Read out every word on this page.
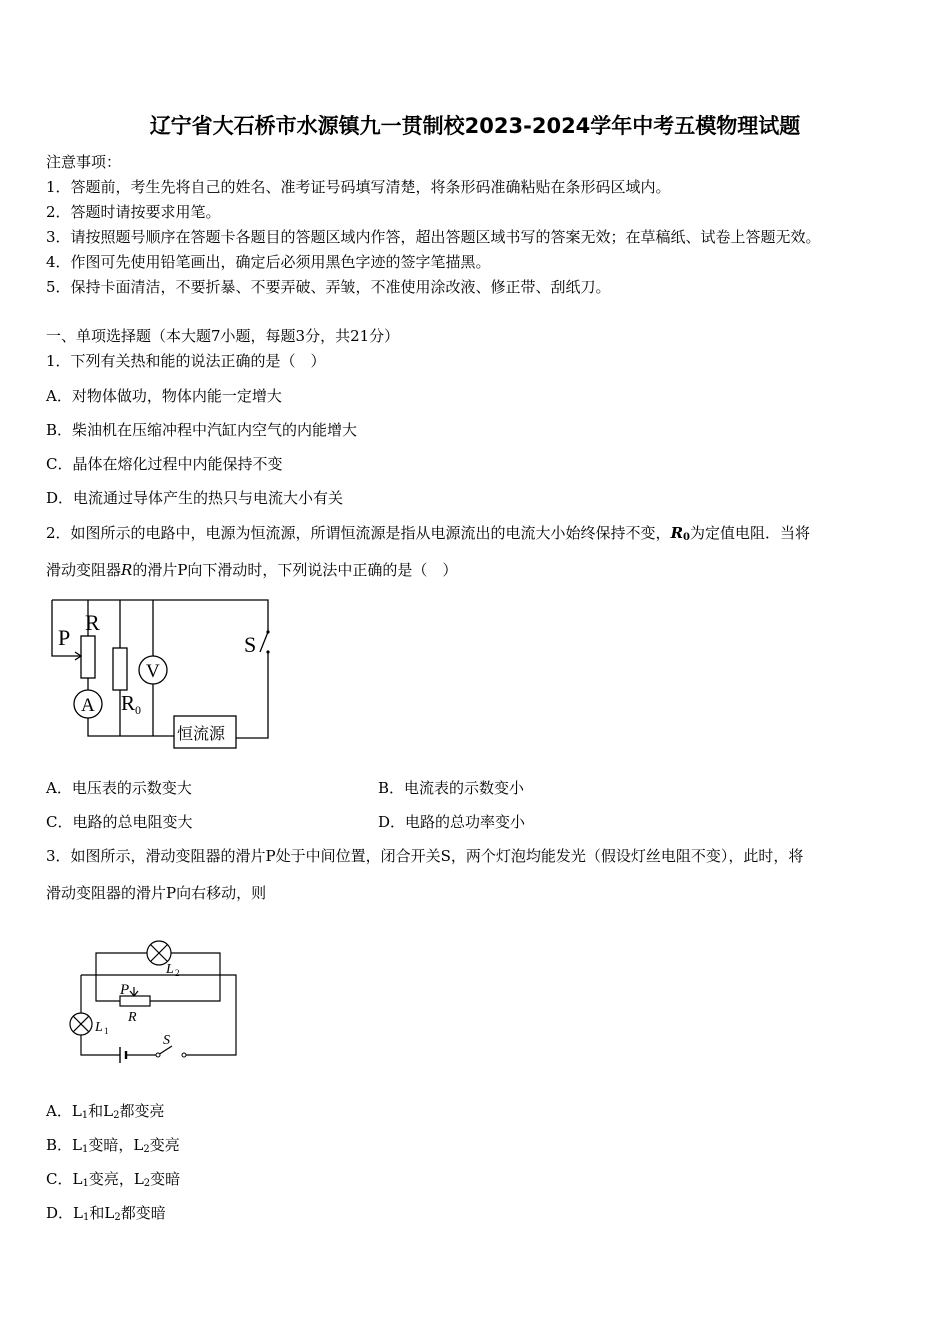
辽宁省大石桥市水源镇九一贯制校2023-2024学年中考五模物理试题
注意事项：
1．答题前，考生先将自己的姓名、准考证号码填写清楚，将条形码准确粘贴在条形码区域内。
2．答题时请按要求用笔。
3．请按照题号顺序在答题卡各题目的答题区域内作答，超出答题区域书写的答案无效；在草稿纸、试卷上答题无效。
4．作图可先使用铅笔画出，确定后必须用黑色字迹的签字笔描黑。
5．保持卡面清洁，不要折暴、不要弄破、弄皱，不准使用涂改液、修正带、刮纸刀。
一、单项选择题（本大题7小题，每题3分，共21分）
1．下列有关热和能的说法正确的是（　）
A．对物体做功，物体内能一定增大
B．柴油机在压缩冲程中汽缸内空气的内能增大
C．晶体在熔化过程中内能保持不变
D．电流通过导体产生的热只与电流大小有关
2．如图所示的电路中，电源为恒流源，所谓恒流源是指从电源流出的电流大小始终保持不变，$R_0$为定值电阻．当将
滑动变阻器R的滑片P向下滑动时，下列说法中正确的是（　）
P
R
A
V
R 0
S
恒流源
A．电压表的示数变大	B．电流表的示数变小
C．电路的总电阻变大	D．电路的总功率变小
3．如图所示，滑动变阻器的滑片P处于中间位置，闭合开关S，两个灯泡均能发光（假设灯丝电阻不变），此时，将
滑动变阻器的滑片P向右移动，则
L 2
P
R
L 1
S
A．$L_1$和$L_2$都变亮
B．$L_1$变暗，$L_2$变亮
C．$L_1$变亮，$L_2$变暗
D．$L_1$和$L_2$都变暗
